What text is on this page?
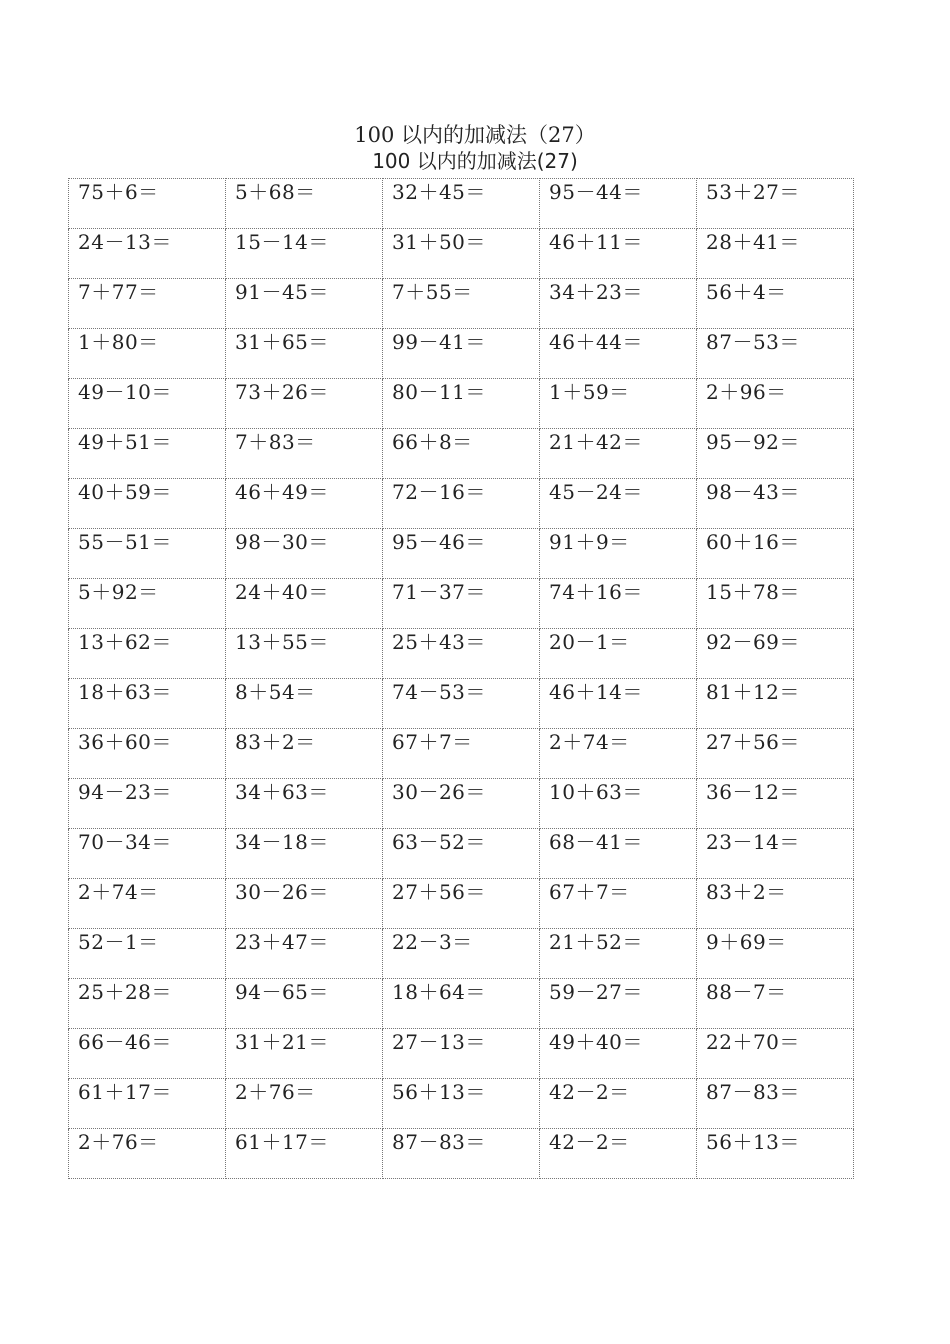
100 以内的加减法（27）
100 以内的加减法(27)
75＋6＝	5＋68＝	32＋45＝	95－44＝	53＋27＝
24－13＝	15－14＝	31＋50＝	46＋11＝	28＋41＝
7＋77＝	91－45＝	7＋55＝	34＋23＝	56＋4＝
1＋80＝	31＋65＝	99－41＝	46＋44＝	87－53＝
49－10＝	73＋26＝	80－11＝	1＋59＝	2＋96＝
49＋51＝	7＋83＝	66＋8＝	21＋42＝	95－92＝
40＋59＝	46＋49＝	72－16＝	45－24＝	98－43＝
55－51＝	98－30＝	95－46＝	91＋9＝	60＋16＝
5＋92＝	24＋40＝	71－37＝	74＋16＝	15＋78＝
13＋62＝	13＋55＝	25＋43＝	20－1＝	92－69＝
18＋63＝	8＋54＝	74－53＝	46＋14＝	81＋12＝
36＋60＝	83＋2＝	67＋7＝	2＋74＝	27＋56＝
94－23＝	34＋63＝	30－26＝	10＋63＝	36－12＝
70－34＝	34－18＝	63－52＝	68－41＝	23－14＝
2＋74＝	30－26＝	27＋56＝	67＋7＝	83＋2＝
52－1＝	23＋47＝	22－3＝	21＋52＝	9＋69＝
25＋28＝	94－65＝	18＋64＝	59－27＝	88－7＝
66－46＝	31＋21＝	27－13＝	49＋40＝	22＋70＝
61＋17＝	2＋76＝	56＋13＝	42－2＝	87－83＝
2＋76＝	61＋17＝	87－83＝	42－2＝	56＋13＝
